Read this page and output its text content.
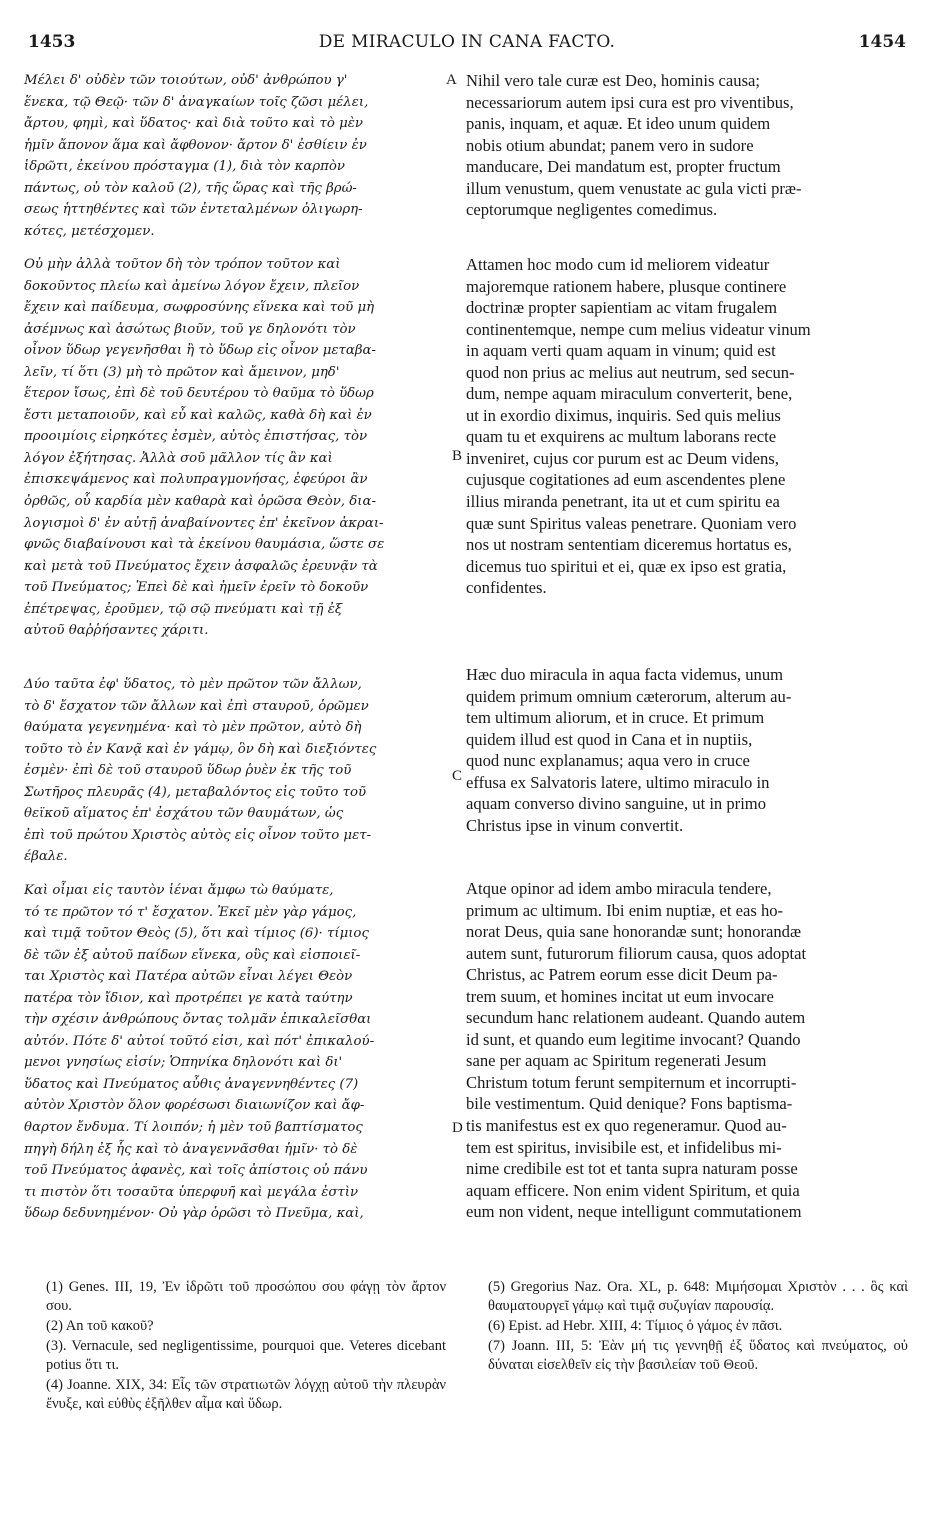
1453	DE MIRACULO IN CANA FACTO.	1454

Μέλει δ' οὐδὲν τῶν τοιούτων, οὐδ' ἀνθρώπου γ'
ἕνεκα, τῷ Θεῷ· τῶν δ' ἀναγκαίων τοῖς ζῶσι μέλει,
ἄρτου, φημὶ, καὶ ὕδατος· καὶ διὰ τοῦτο καὶ τὸ μὲν
ἡμῖν ἄπονον ἅμα καὶ ἄφθονον· ἄρτον δ' ἐσθίειν ἐν
ἱδρῶτι, ἐκείνου πρόσταγμα (1), διὰ τὸν καρπὸν
πάντως, οὐ τὸν καλοῦ (2), τῆς ὥρας καὶ τῆς βρώ-
σεως ἡττηθέντες καὶ τῶν ἐντεταλμένων ὀλιγωρη-
κότες, μετέσχομεν.

Οὐ μὴν ἀλλὰ τοῦτον δὴ τὸν τρόπον τοῦτον καὶ
δοκοῦντος πλείω καὶ ἀμείνω λόγον ἔχειν, πλεῖον
ἔχειν καὶ παίδευμα, σωφροσύνης εἵνεκα καὶ τοῦ μὴ
ἀσέμνως καὶ ἀσώτως βιοῦν, τοῦ γε δηλονότι τὸν
οἶνον ὕδωρ γεγενῆσθαι ἢ τὸ ὕδωρ εἰς οἶνον μεταβα-
λεῖν, τί ὅτι (3) μὴ τὸ πρῶτον καὶ ἄμεινον, μηδ'
ἕτερον ἴσως, ἐπὶ δὲ τοῦ δευτέρου τὸ θαῦμα τὸ ὕδωρ
ἔστι μεταποιοῦν, καὶ εὖ καὶ καλῶς, καθὰ δὴ καὶ ἐν
προοιμίοις εἰρηκότες ἐσμὲν, αὐτὸς ἐπιστήσας, τὸν
λόγον ἐξήτησας. Ἀλλὰ σοῦ μᾶλλον τίς ἂν καὶ
ἐπισκεψάμενος καὶ πολυπραγμονήσας, ἐφεύροι ἂν
ὀρθῶς, οὗ καρδία μὲν καθαρὰ καὶ ὁρῶσα Θεὸν, δια-
λογισμοὶ δ' ἐν αὐτῇ ἀναβαίνοντες ἐπ' ἐκεῖνον ἀκραι-
φνῶς διαβαίνουσι καὶ τὰ ἐκείνου θαυμάσια, ὥστε σε
καὶ μετὰ τοῦ Πνεύματος ἔχειν ἀσφαλῶς ἐρευνᾷν τὰ
τοῦ Πνεύματος; Ἐπεὶ δὲ καὶ ἡμεῖν ἐρεῖν τὸ δοκοῦν
ἐπέτρεψας, ἐροῦμεν, τῷ σῷ πνεύματι καὶ τῇ ἐξ
αὐτοῦ θαῤῥήσαντες χάριτι.

Δύο ταῦτα ἐφ' ὕδατος, τὸ μὲν πρῶτον τῶν ἄλλων,
τὸ δ' ἔσχατον τῶν ἄλλων καὶ ἐπὶ σταυροῦ, ὁρῶμεν
θαύματα γεγενημένα· καὶ τὸ μὲν πρῶτον, αὐτὸ δὴ
τοῦτο τὸ ἐν Κανᾷ καὶ ἐν γάμῳ, ὃν δὴ καὶ διεξιόντες
ἐσμὲν· ἐπὶ δὲ τοῦ σταυροῦ ὕδωρ ῥυὲν ἐκ τῆς τοῦ
Σωτῆρος πλευρᾶς (4), μεταβαλόντος εἰς τοῦτο τοῦ
θεϊκοῦ αἵματος ἐπ' ἐσχάτου τῶν θαυμάτων, ὡς
ἐπὶ τοῦ πρώτου Χριστὸς αὐτὸς εἰς οἶνον τοῦτο μετ-
έβαλε.

Καὶ οἶμαι εἰς ταυτὸν ἰέναι ἄμφω τὼ θαύματε,
τό τε πρῶτον τό τ' ἔσχατον. Ἐκεῖ μὲν γὰρ γάμος,
καὶ τιμᾷ τοῦτον Θεὸς (5), ὅτι καὶ τίμιος (6)· τίμιος
δὲ τῶν ἐξ αὐτοῦ παίδων εἵνεκα, οὓς καὶ εἰσποιεῖ-
ται Χριστὸς καὶ Πατέρα αὐτῶν εἶναι λέγει Θεὸν
πατέρα τὸν ἴδιον, καὶ προτρέπει γε κατὰ ταύτην
τὴν σχέσιν ἀνθρώπους ὄντας τολμᾶν ἐπικαλεῖσθαι
αὐτόν. Πότε δ' αὐτοί τοῦτό εἰσι, καὶ πότ' ἐπικαλού-
μενοι γνησίως εἰσίν; Ὁπηνίκα δηλονότι καὶ δι'
ὕδατος καὶ Πνεύματος αὖθις ἀναγεννηθέντες (7)
αὐτὸν Χριστὸν ὅλον φορέσωσι διαιωνίζον καὶ ἄφ-
θαρτον ἔνδυμα. Τί λοιπόν; ἡ μὲν τοῦ βαπτίσματος
πηγὴ δήλη ἐξ ἧς καὶ τὸ ἀναγεννᾶσθαι ἡμῖν· τὸ δὲ
τοῦ Πνεύματος ἀφανὲς, καὶ τοῖς ἀπίστοις οὐ πάνυ
τι πιστὸν ὅτι τοσαῦτα ὑπερφυῆ καὶ μεγάλα ἐστὶν
ὕδωρ δεδυνημένον· Οὐ γὰρ ὁρῶσι τὸ Πνεῦμα, καὶ,

A
B
C
D

Nihil vero tale curæ est Deo, hominis causa;
necessariorum autem ipsi cura est pro viventibus,
panis, inquam, et aquæ. Et ideo unum quidem
nobis otium abundat; panem vero in sudore
manducare, Dei mandatum est, propter fructum
illum venustum, quem venustate ac gula victi præ-
ceptorumque negligentes comedimus.

Attamen hoc modo cum id meliorem videatur
majoremque rationem habere, plusque continere
doctrinæ propter sapientiam ac vitam frugalem
continentemque, nempe cum melius videatur vinum
in aquam verti quam aquam in vinum; quid est
quod non prius ac melius aut neutrum, sed secun-
dum, nempe aquam miraculum converterit, bene,
ut in exordio diximus, inquiris. Sed quis melius
quam tu et exquirens ac multum laborans recte
inveniret, cujus cor purum est ac Deum videns,
cujusque cogitationes ad eum ascendentes plene
illius miranda penetrant, ita ut et cum spiritu ea
quæ sunt Spiritus valeas penetrare. Quoniam vero
nos ut nostram sententiam diceremus hortatus es,
dicemus tuo spiritui et ei, quæ ex ipso est gratia,
confidentes.

Hæc duo miracula in aqua facta videmus, unum
quidem primum omnium cæterorum, alterum au-
tem ultimum aliorum, et in cruce. Et primum
quidem illud est quod in Cana et in nuptiis,
quod nunc explanamus; aqua vero in cruce
effusa ex Salvatoris latere, ultimo miraculo in
aquam converso divino sanguine, ut in primo
Christus ipse in vinum convertit.

Atque opinor ad idem ambo miracula tendere,
primum ac ultimum. Ibi enim nuptiæ, et eas ho-
norat Deus, quia sane honorandæ sunt; honorandæ
autem sunt, futurorum filiorum causa, quos adoptat
Christus, ac Patrem eorum esse dicit Deum pa-
trem suum, et homines incitat ut eum invocare
secundum hanc relationem audeant. Quando autem
id sunt, et quando eum legitime invocant? Quando
sane per aquam ac Spiritum regenerati Jesum
Christum totum ferunt sempiternum et incorrupti-
bile vestimentum. Quid denique? Fons baptisma-
tis manifestus est ex quo regeneramur. Quod au-
tem est spiritus, invisibile est, et infidelibus mi-
nime credibile est tot et tanta supra naturam posse
aquam efficere. Non enim vident Spiritum, et quia
eum non vident, neque intelligunt commutationem

(1) Genes. III, 19, Ἐν ἱδρῶτι τοῦ προσώπου σου φάγῃ τὸν ἄρτον σου.

(2) An τοῦ κακοῦ?

(3). Vernacule, sed negligentissime, pourquoi que. Veteres dicebant potius ὅτι τι.

(4) Joanne. XIX, 34: Εἷς τῶν στρατιωτῶν λόγχῃ αὐτοῦ τὴν πλευρὰν ἔνυξε, καὶ εὐθὺς ἐξῆλθεν αἷμα καὶ ὕδωρ.

(5) Gregorius Naz. Ora. XL, p. 648: Μιμήσομαι Χριστὸν . . . ὃς καὶ θαυματουργεῖ γάμῳ καὶ τιμᾷ συζυγίαν παρουσίᾳ.

(6) Epist. ad Hebr. XIII, 4: Τίμιος ὁ γάμος ἐν πᾶσι.

(7) Joann. III, 5: Ἐὰν μή τις γεννηθῇ ἐξ ὕδατος καὶ πνεύματος, οὐ δύναται εἰσελθεῖν εἰς τὴν βασιλείαν τοῦ Θεοῦ.
